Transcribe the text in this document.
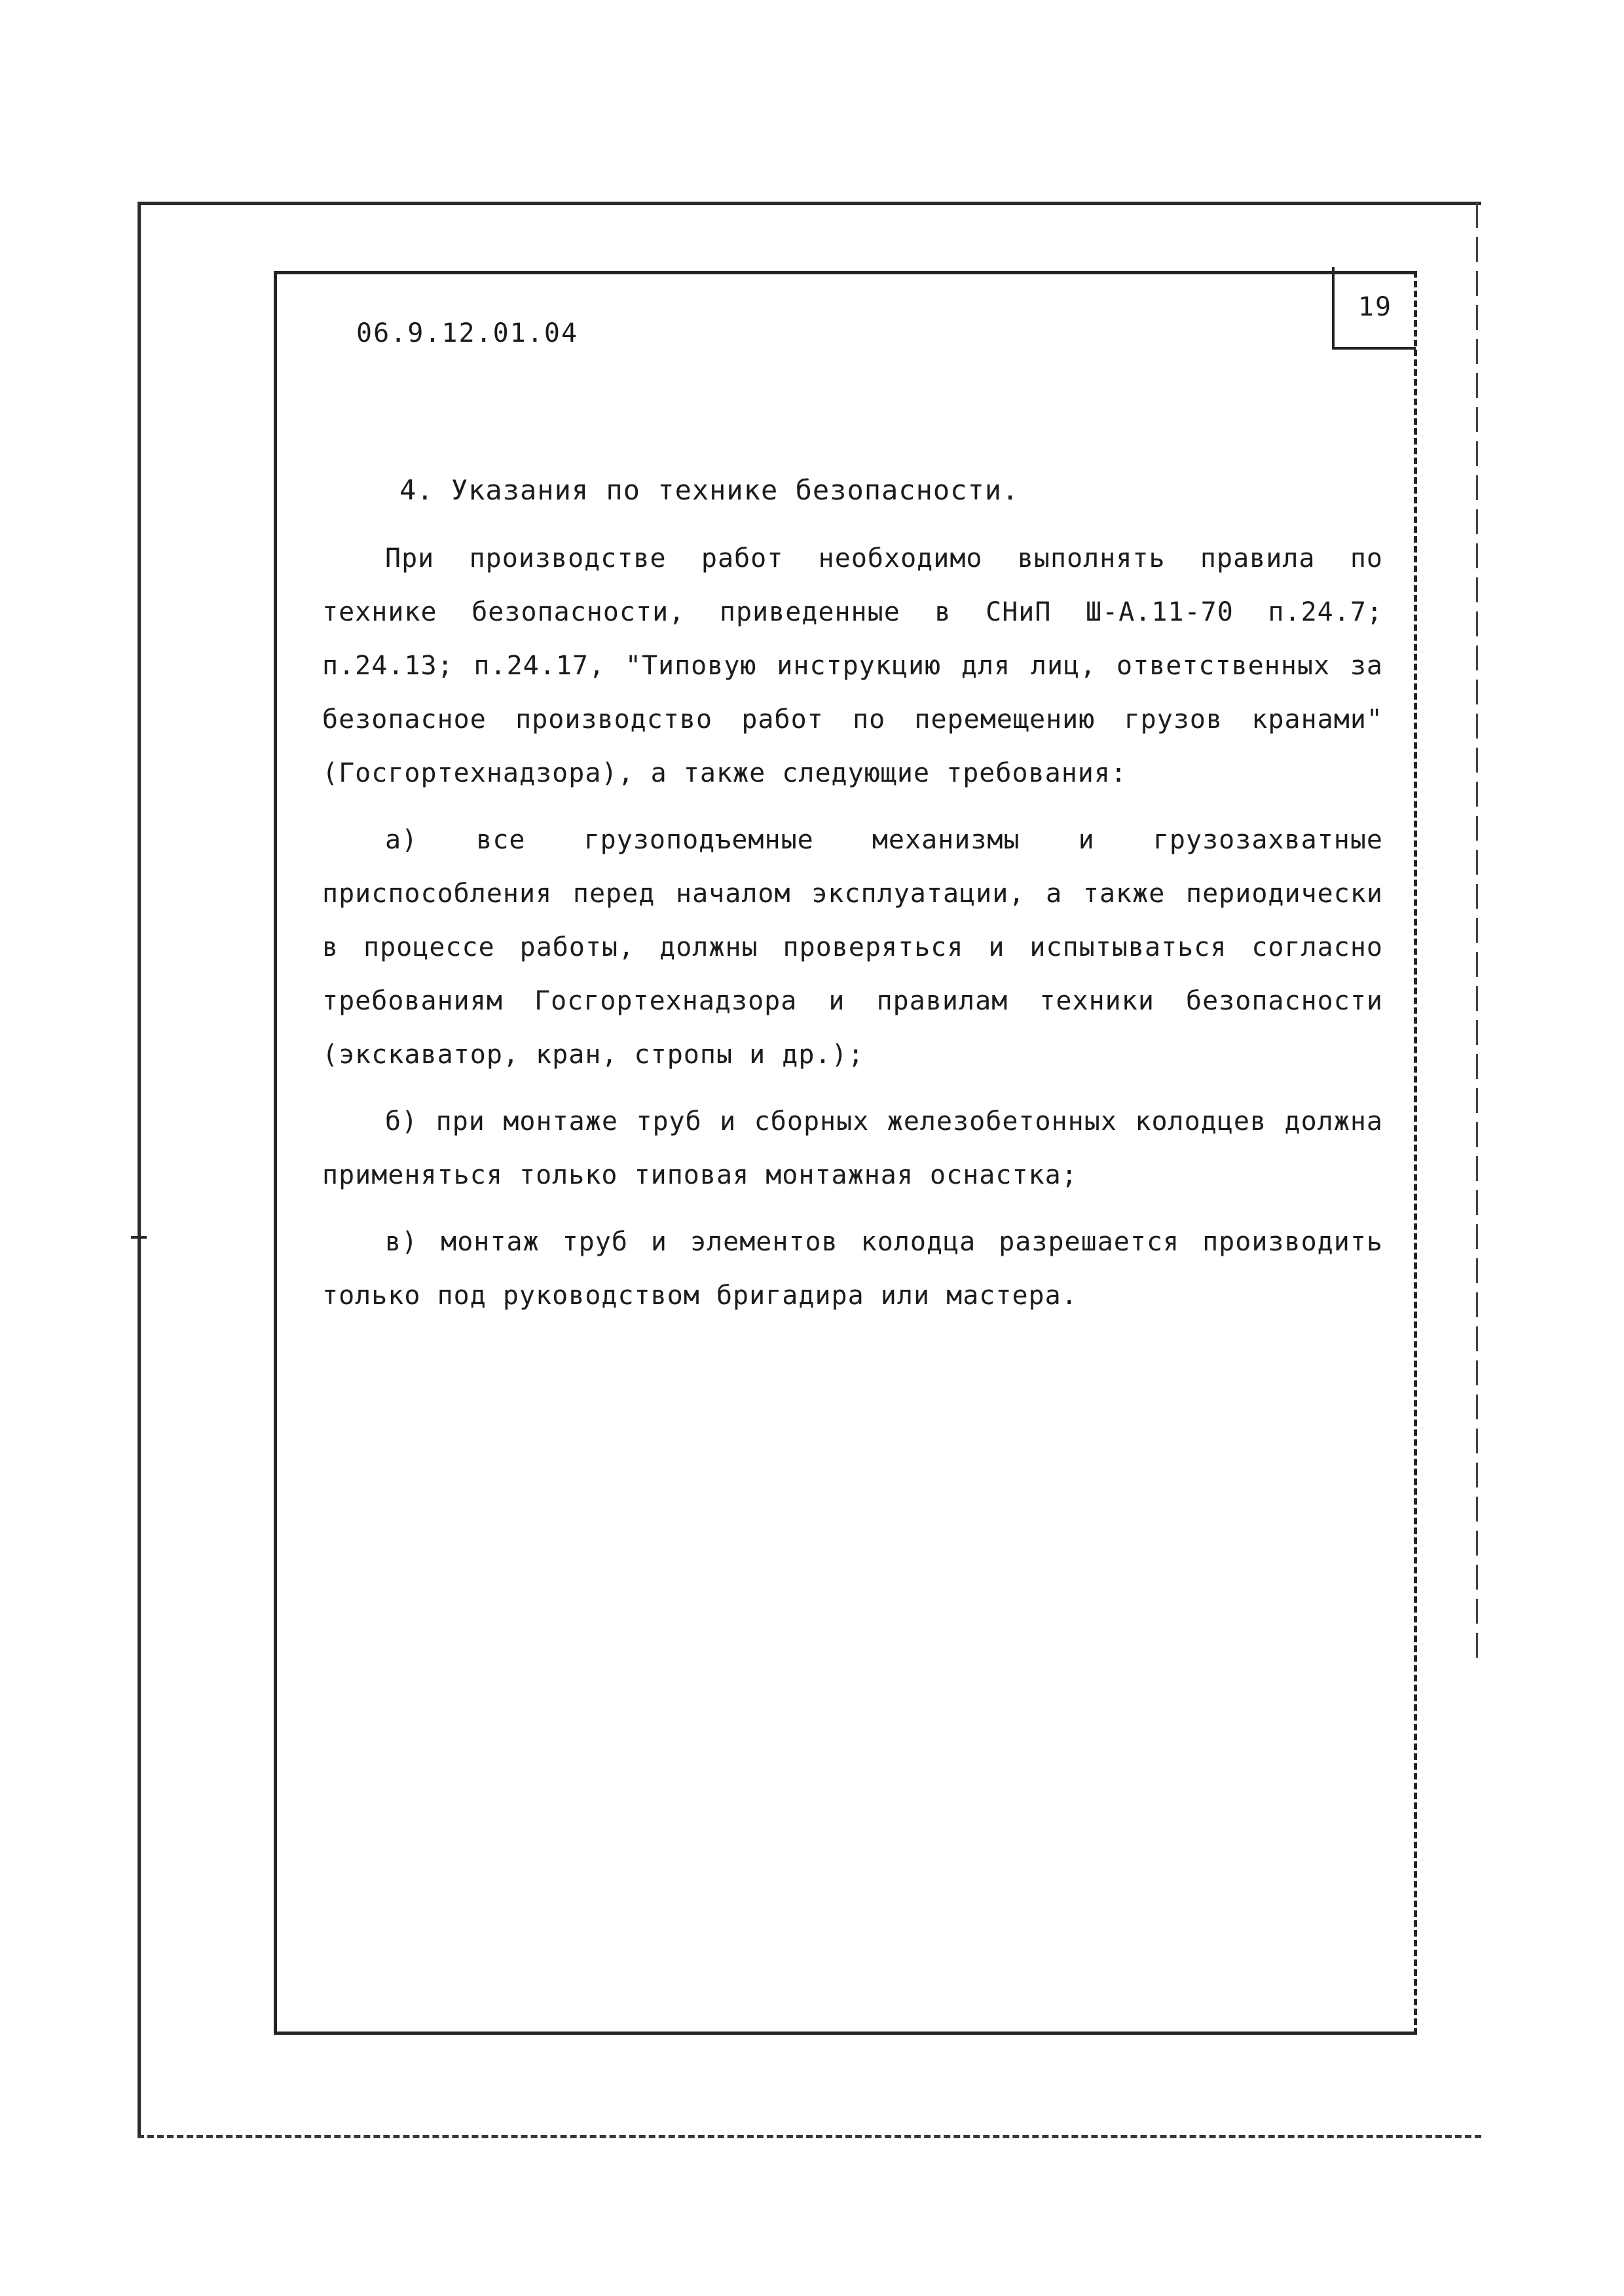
19
06.9.12.01.04
4. Указания по технике безопасности.

При производстве работ необходимо выполнять правила по технике безопасности, приведенные в СНиП Ш-А.11-70 п.24.7; п.24.13; п.24.17, "Типовую инструкцию для лиц, ответственных за безопасное производство работ по перемещению грузов кранами" (Госгортехнадзора), а также следующие требования:

а) все грузоподъемные механизмы и грузозахватные приспособления перед началом эксплуатации, а также периодически в процессе работы, должны проверяться и испытываться согласно требованиям Госгортехнадзора и правилам техники безопасности (экскаватор, кран, стропы и др.);

б) при монтаже труб и сборных железобетонных колодцев должна применяться только типовая монтажная оснастка;

в) монтаж труб и элементов колодца разрешается производить только под руководством бригадира или мастера.
